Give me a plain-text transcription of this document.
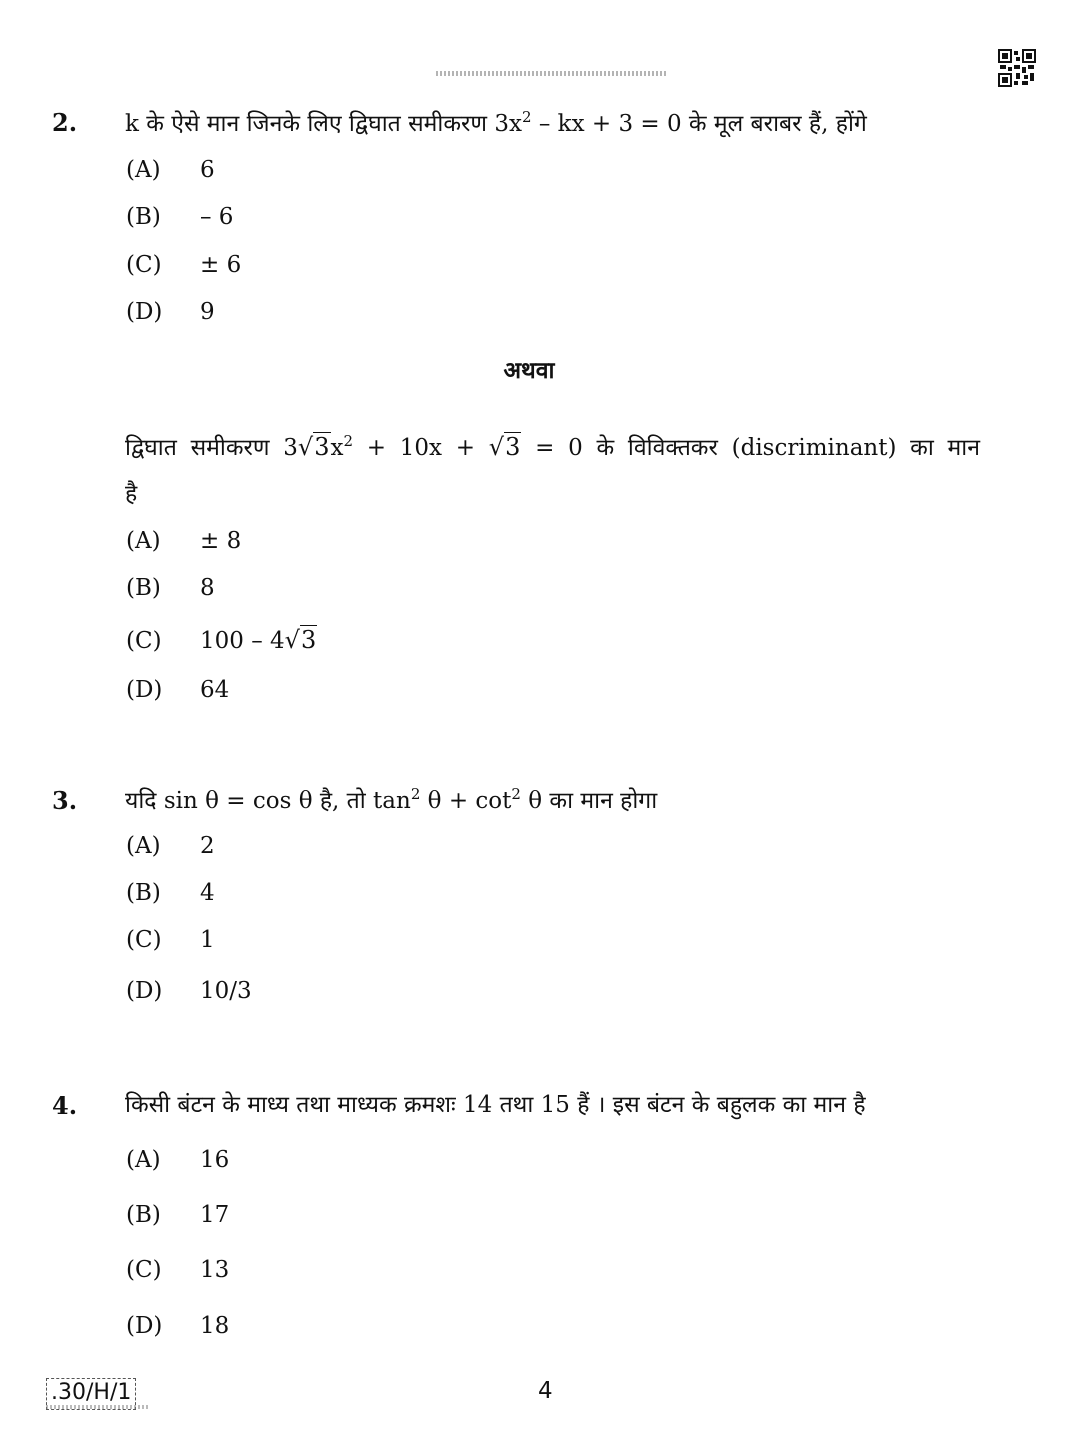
2. k के ऐसे मान जिनके लिए द्विघात समीकरण $3x^2$ – kx + 3 = 0 के मूल बराबर हैं, होंगे
(A) 6
(B) – 6
(C) ± 6
(D) 9
अथवा
द्विघात समीकरण $3√3x^2 + 10x + √3 = 0$ के विविक्तकर (discriminant) का मान
है
(A) ± 8
(B) 8
(C) 100 – 4√3
(D) 64
3. यदि sin θ = cos θ है, तो $\tan^2 \theta + \cot^2 \theta$ का मान होगा
(A) 2
(B) 4
(C) 1
(D) 10/3
4. किसी बंटन के माध्य तथा माध्यक क्रमशः 14 तथा 15 हैं । इस बंटन के बहुलक का मान है
(A) 16
(B) 17
(C) 13
(D) 18
.30/H/1	4
